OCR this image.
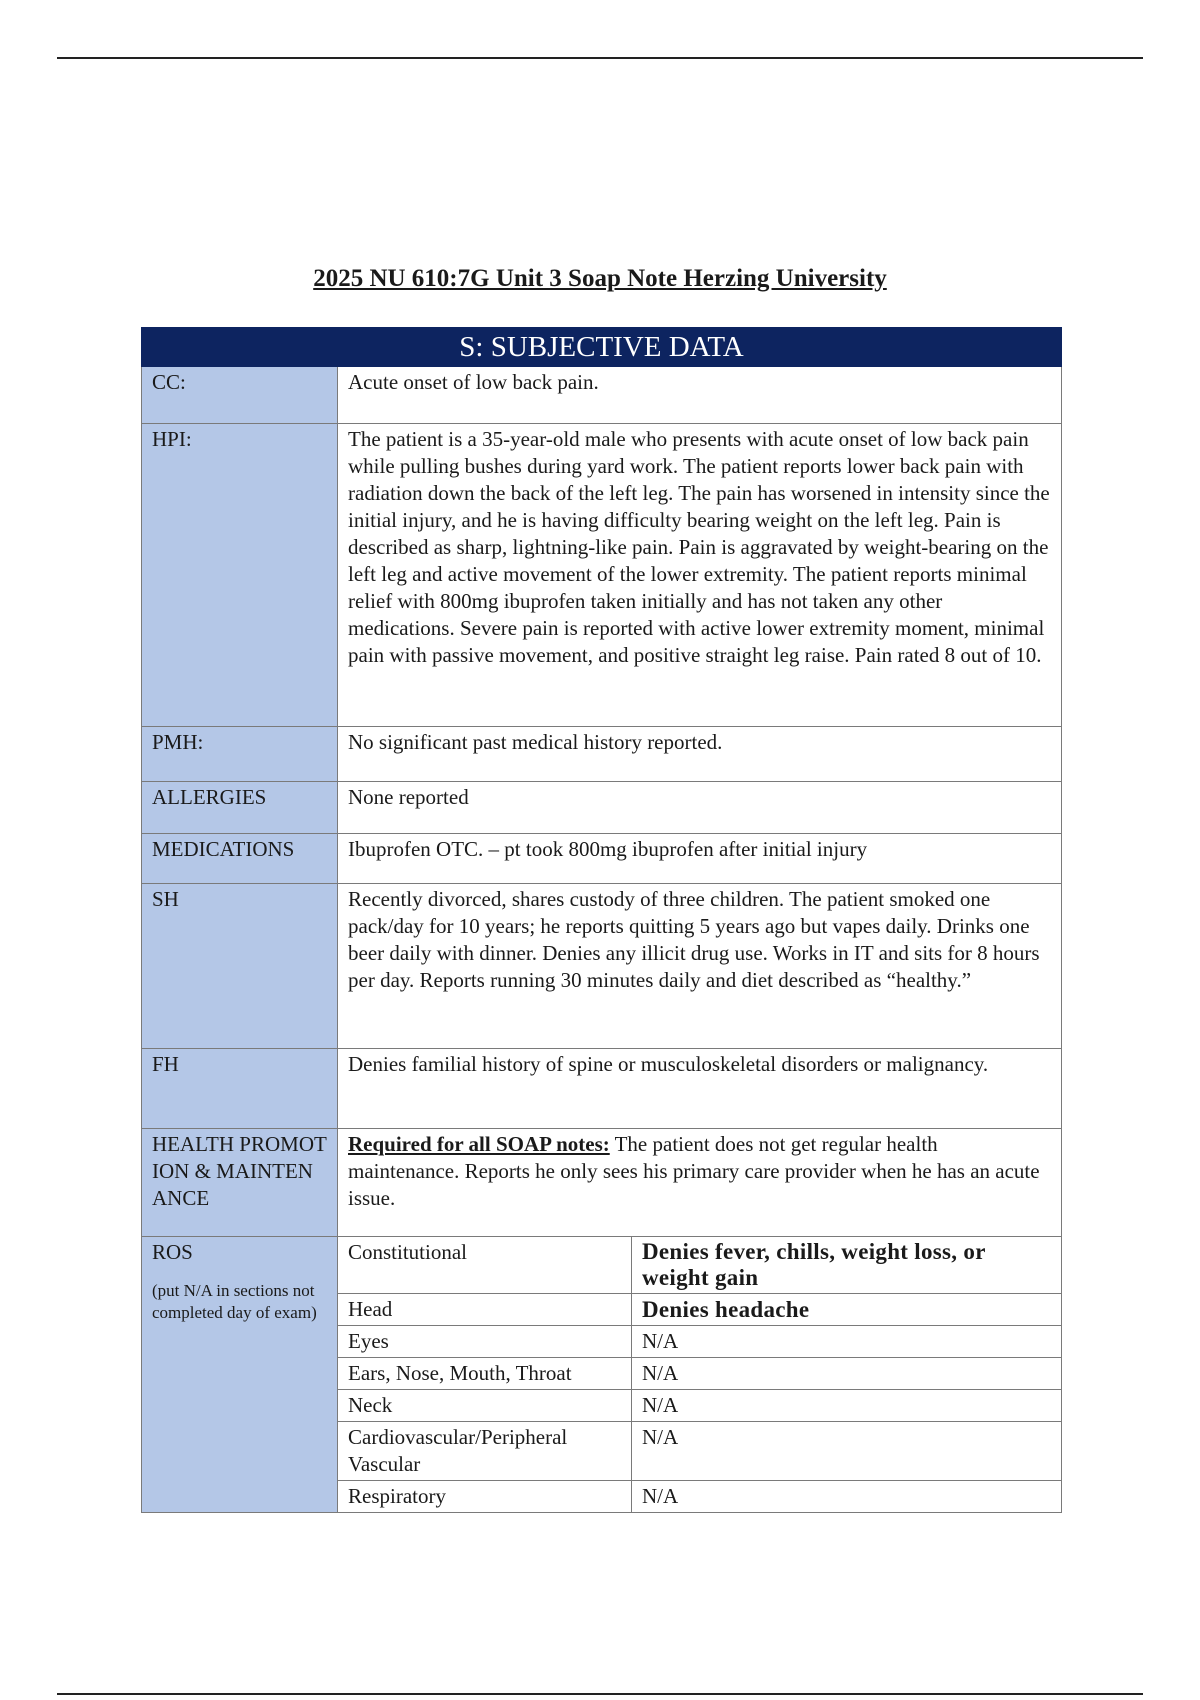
2025 NU 610:7G Unit 3 Soap Note Herzing University
S: SUBJECTIVE DATA		
CC:	Acute onset of low back pain.	
HPI:	The patient is a 35-year-old male who presents with acute onset of low back pain while pulling bushes during yard work. The patient reports lower back pain with radiation down the back of the left leg. The pain has worsened in intensity since the initial injury, and he is having difficulty bearing weight on the left leg. Pain is described as sharp, lightning-like pain. Pain is aggravated by weight-bearing on the left leg and active movement of the lower extremity. The patient reports minimal relief with 800mg ibuprofen taken initially and has not taken any other medications. Severe pain is reported with active lower extremity moment, minimal pain with passive movement, and positive straight leg raise. Pain rated 8 out of 10.	
PMH:	No significant past medical history reported.	
ALLERGIES	None reported	
MEDICATIONS	Ibuprofen OTC. – pt took 800mg ibuprofen after initial injury	
SH	Recently divorced, shares custody of three children. The patient smoked one pack/day for 10 years; he reports quitting 5 years ago but vapes daily. Drinks one beer daily with dinner. Denies any illicit drug use. Works in IT and sits for 8 hours per day. Reports running 30 minutes daily and diet described as “healthy.”	
FH	Denies familial history of spine or musculoskeletal disorders or malignancy.	
HEALTH PROMOTION & MAINTENANCE	Required for all SOAP notes: The patient does not get regular health maintenance. Reports he only sees his primary care provider when he has an acute issue.	
ROS
(put N/A in sections not completed day of exam)	Constitutional	Denies fever, chills, weight loss, or weight gain
	Head	Denies headache
	Eyes	N/A
	Ears, Nose, Mouth, Throat	N/A
	Neck	N/A
	Cardiovascular/Peripheral Vascular	N/A
	Respiratory	N/A
